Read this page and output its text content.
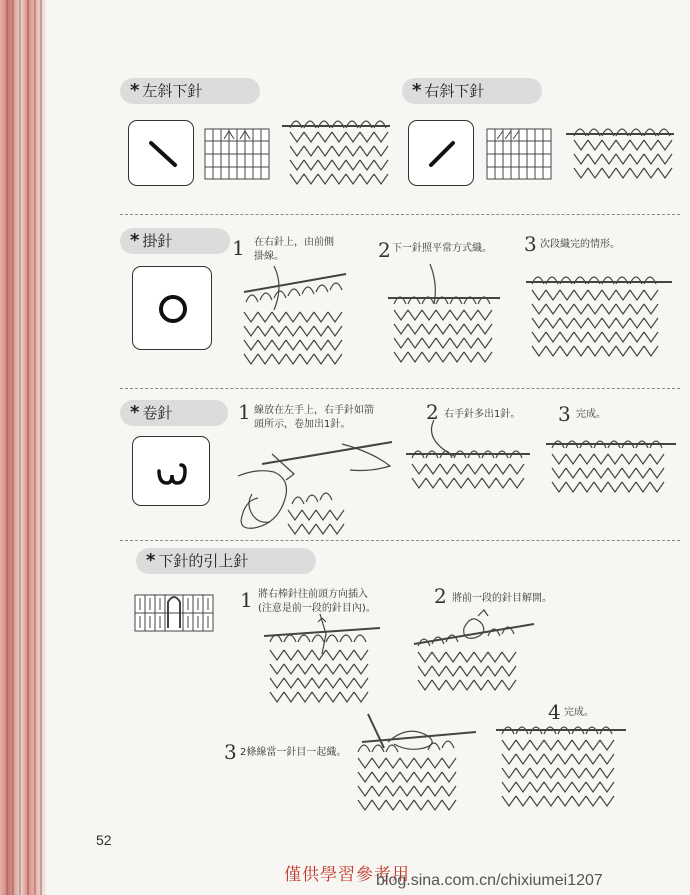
* 左斜下針	* 右斜下針
* 掛針	1 在右針上，由前側
掛線。	2 下一針照平常方式織。 3 次段織完的情形。
* 卷針	1 線放在左手上，右手針如箭
頭所示，卷加出1針。
2 右手針多出1針。 3 完成。
* 下針的引上針
1 將右棒針往前頭方向插入
(注意是前一段的針目內)。
2 將前一段的針目解開。
3 2條線當一針目一起織。
4 完成。
52
僅供學習參考用
blog.sina.com.cn/chixiumei1207
